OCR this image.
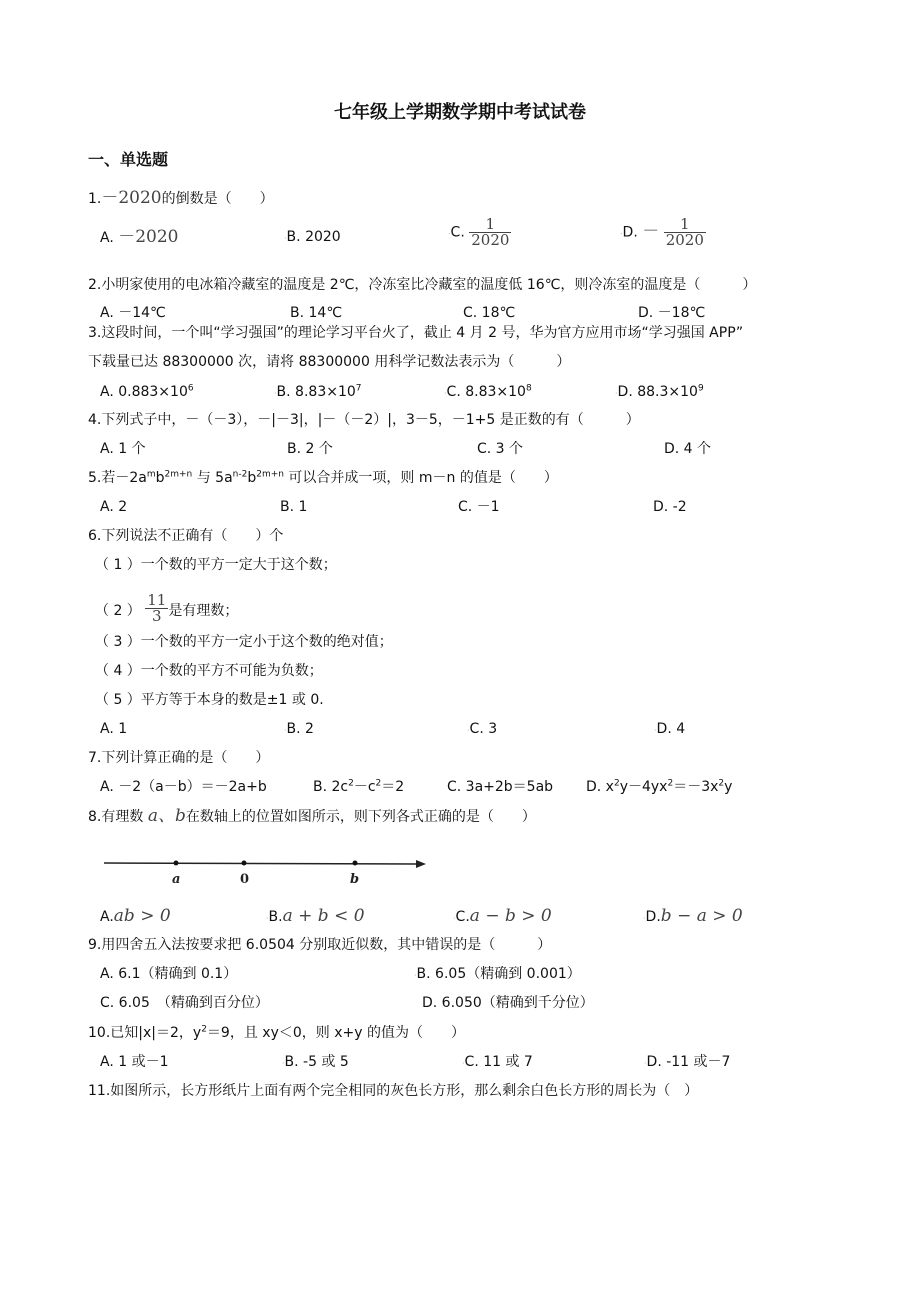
七年级上学期数学期中考试试卷
一、单选题
1.－2020的倒数是（　　）
A. －2020	·B. 2020	·C. $\frac{1}{2020}$	·D. － $\frac{1}{2020}$
2.小明家使用的电冰箱冷藏室的温度是 2℃，冷冻室比冷藏室的温度低 16℃，则冷冻室的温度是（　　　）
A. －14℃	B. 14℃	C. 18℃	D. －18℃
3.这段时间，一个叫“学习强国”的理论学习平台火了，截止 4 月 2 号，华为官方应用市场“学习强国 APP”
下载量已达 88300000 次，请将 88300000 用科学记数法表示为（　　　）
A. $0.883\times 10^6$
·B. $8.83\times 10^7$
·C. $8.83\times 10^8$
·D. $88.3\times 10^9$
4.下列式子中，－（－3），－|－3|，|－（－2）|，3－5，－1+5 是正数的有（　　　）
A. 1 个	B. 2 个	C. 3 个	D. 4 个
5.若$-2a^mb^{2m+n}$ 与 $5a^{n-2}b^{2m+n}$ 可以合并成一项，则 m－n 的值是（　　）
A. 2	B. 1	C. －1	D. -2
6.下列说法不正确有（　　）个
（ 1 ）一个数的平方一定大于这个数；
（ 2 ） $\frac{11}{3}$ 是有理数；
（ 3 ）一个数的平方一定小于这个数的绝对值；
（ 4 ）一个数的平方不可能为负数；
（ 5 ）平方等于本身的数是±1 或 0.
A. 1	·B. 2	·C. 3	·D. 4
7.下列计算正确的是（　　）
A. －2（a－b）＝－2a+b	B. $2c^2-c^2=2$	C. 3a+2b＝5ab D. $x^2y-4yx^2=-3x^2y$
8.有理数 a、b在数轴上的位置如图所示，则下列各式正确的是（　　）
a	0	b
A.ab > 0	·B.a + b < 0	·C.a − b > 0	·D.b − a > 0
9.用四舍五入法按要求把 6.0504 分别取近似数，其中错误的是（　　　）
A. 6.1（精确到 0.1）	·B. 6.05（精确到 0.001）
C. 6.05　（精确到百分位）	D. 6.050（精确到千分位）
10.已知|x|＝2，$y^2=9$，且 xy＜0，则 x+y 的值为（　　）
A. 1 或－1	·B. -5 或 5	·C. 11 或 7	·D. -11 或－7
11.如图所示，长方形纸片上面有两个完全相同的灰色长方形，那么剩余白色长方形的周长为（　）
